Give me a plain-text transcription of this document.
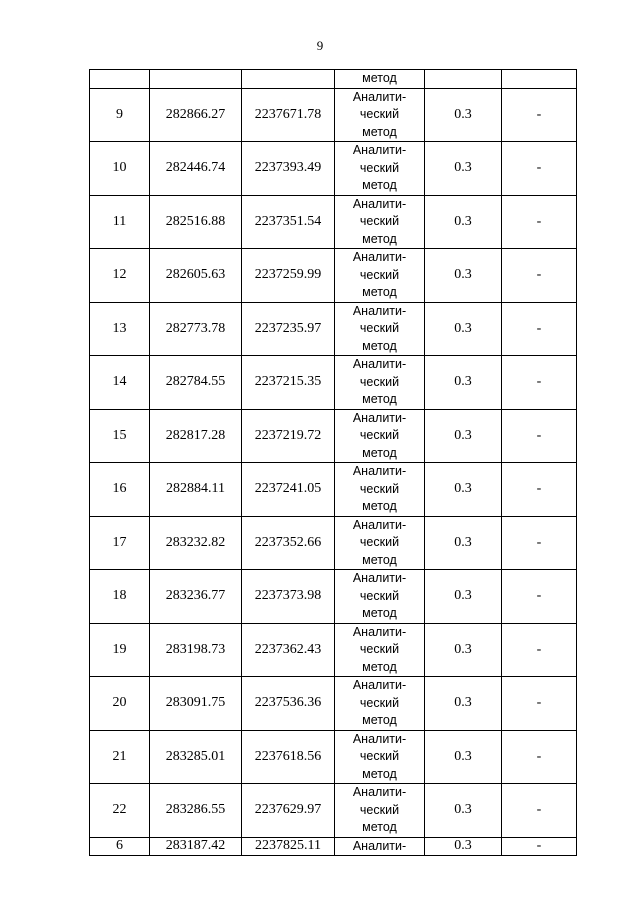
9
			метод		
9	282866.27	2237671.78	Аналити-
ческий
метод	0.3	-
10	282446.74	2237393.49	Аналити-
ческий
метод	0.3	-
11	282516.88	2237351.54	Аналити-
ческий
метод	0.3	-
12	282605.63	2237259.99	Аналити-
ческий
метод	0.3	-
13	282773.78	2237235.97	Аналити-
ческий
метод	0.3	-
14	282784.55	2237215.35	Аналити-
ческий
метод	0.3	-
15	282817.28	2237219.72	Аналити-
ческий
метод	0.3	-
16	282884.11	2237241.05	Аналити-
ческий
метод	0.3	-
17	283232.82	2237352.66	Аналити-
ческий
метод	0.3	-
18	283236.77	2237373.98	Аналити-
ческий
метод	0.3	-
19	283198.73	2237362.43	Аналити-
ческий
метод	0.3	-
20	283091.75	2237536.36	Аналити-
ческий
метод	0.3	-
21	283285.01	2237618.56	Аналити-
ческий
метод	0.3	-
22	283286.55	2237629.97	Аналити-
ческий
метод	0.3	-
6	283187.42	2237825.11	Аналити-	0.3	-
